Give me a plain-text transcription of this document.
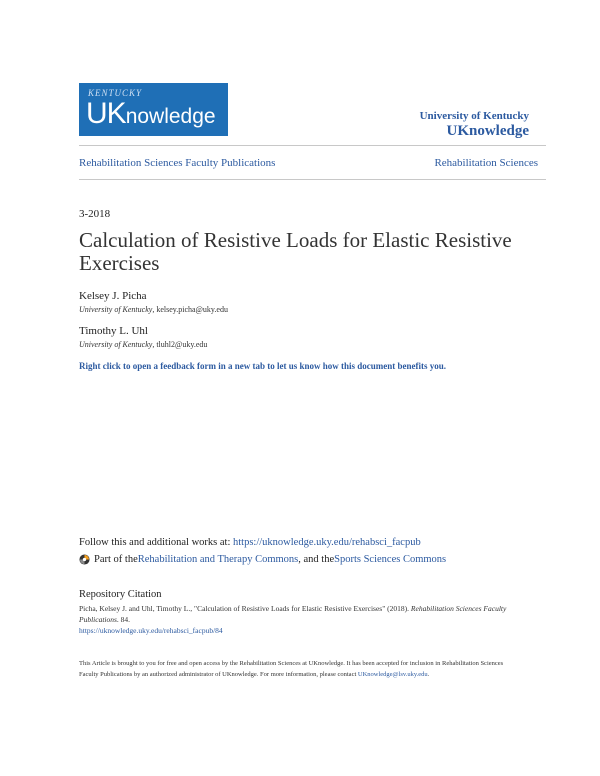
KENTUCKY
UKnowledge	University of Kentucky
UKnowledge
Rehabilitation Sciences Faculty Publications	Rehabilitation Sciences
3-2018
Calculation of Resistive Loads for Elastic Resistive Exercises
Kelsey J. Picha
University of Kentucky, kelsey.picha@uky.edu
Timothy L. Uhl
University of Kentucky, tluhl2@uky.edu
Right click to open a feedback form in a new tab to let us know how this document benefits you.
Follow this and additional works at: https://uknowledge.uky.edu/rehabsci_facpub
Part of the Rehabilitation and Therapy Commons , and the Sports Sciences Commons
Repository Citation
Picha, Kelsey J. and Uhl, Timothy L., "Calculation of Resistive Loads for Elastic Resistive Exercises" (2018). Rehabilitation Sciences Faculty Publications. 84.
https://uknowledge.uky.edu/rehabsci_facpub/84
This Article is brought to you for free and open access by the Rehabilitation Sciences at UKnowledge. It has been accepted for inclusion in Rehabilitation Sciences Faculty Publications by an authorized administrator of UKnowledge. For more information, please contact UKnowledge@lsv.uky.edu.
